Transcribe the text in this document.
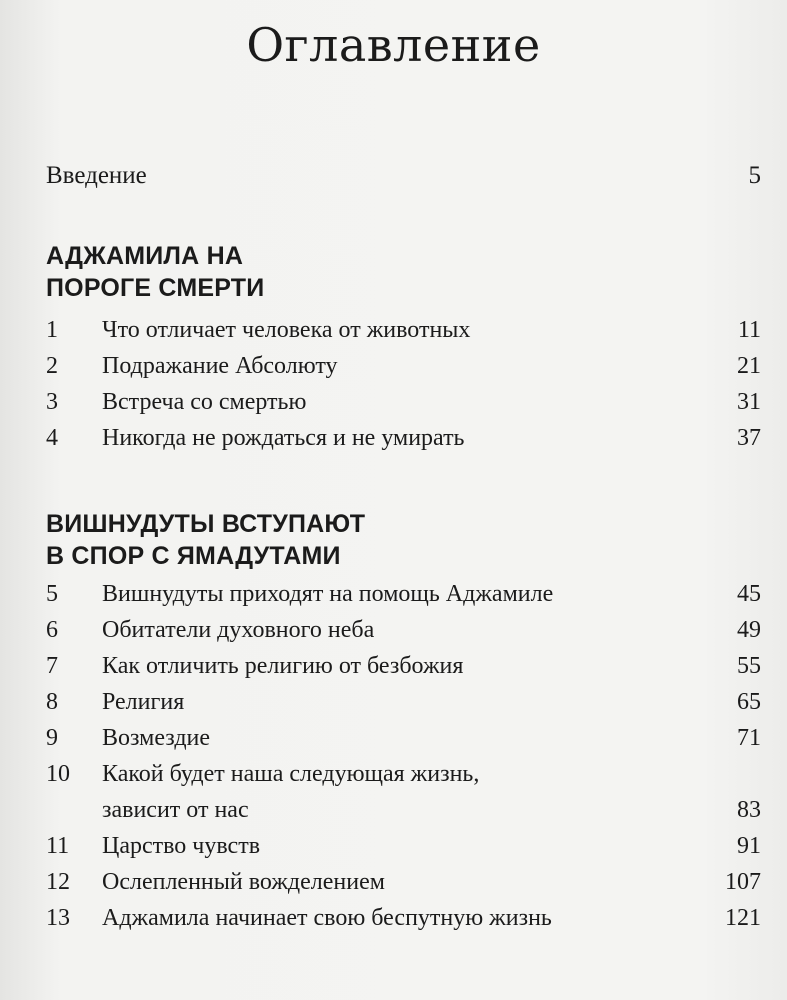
Оглавление
Введение	5
АДЖАМИЛА НА
ПОРОГЕ СМЕРТИ
1 Что отличает человека от животных	11
2 Подражание Абсолюту	21
3 Встреча со смертью	31
4 Никогда не рождаться и не умирать	37
ВИШНУДУТЫ ВСТУПАЮТ
В СПОР С ЯМАДУТАМИ
5 Вишнудуты приходят на помощь Аджамиле	45
6 Обитатели духовного неба	49
7 Как отличить религию от безбожия	55
8 Религия	65
9 Возмездие	71
10 Какой будет наша следующая жизнь,
зависит от нас	83
11 Царство чувств	91
12 Ослепленный вожделением	107
13 Аджамила начинает свою беспутную жизнь	121
